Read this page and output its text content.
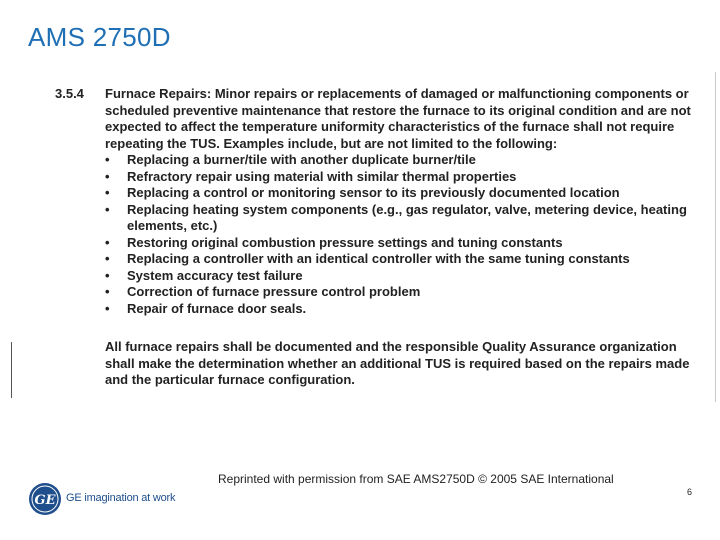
AMS 2750D
3.5.4 Furnace Repairs: Minor repairs or replacements of damaged or malfunctioning components or scheduled preventive maintenance that restore the furnace to its original condition and are not expected to affect the temperature uniformity characteristics of the furnace shall not require repeating the TUS. Examples include, but are not limited to the following:
• Replacing a burner/tile with another duplicate burner/tile
• Refractory repair using material with similar thermal properties
• Replacing a control or monitoring sensor to its previously documented location
• Replacing heating system components (e.g., gas regulator, valve, metering device, heating elements, etc.)
• Restoring original combustion pressure settings and tuning constants
• Replacing a controller with an identical controller with the same tuning constants
• System accuracy test failure
• Correction of furnace pressure control problem
• Repair of furnace door seals.
All furnace repairs shall be documented and the responsible Quality Assurance organization shall make the determination whether an additional TUS is required based on the repairs made and the particular furnace configuration.
Reprinted with permission from SAE AMS2750D © 2005 SAE International
GE GE imagination at work	6
